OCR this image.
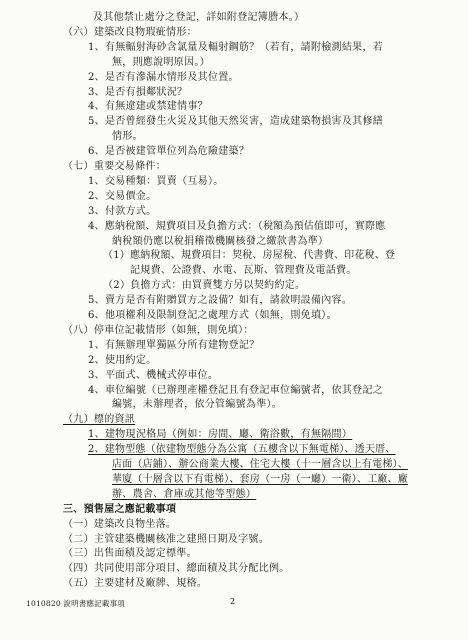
及其他禁止處分之登記，詳如附登記簿謄本。）
（六）建築改良物瑕疵情形：
1、有無輻射海砂含氯量及輻射鋼筋？（若有，請附檢測結果，若
無，則應說明原因。）
2、是否有滲漏水情形及其位置。
3、是否有損鄰狀況？
4、有無違建或禁建情事？
5、是否曾經發生火災及其他天然災害，造成建築物損害及其修繕
情形。
6、是否被建管單位列為危險建築？
（七）重要交易條件：
1、交易種類：買賣（互易）。
2、交易價金。
3、付款方式。
4、應納稅額、規費項目及負擔方式：（稅額為預估值即可，實際應
納稅額仍應以稅捐稽徵機關核發之繳款書為準）
（1）應納稅額、規費項目：契稅、房屋稅、代書費、印花稅、登
記規費、公證費、水電、瓦斯、管理費及電話費。
（2）負擔方式：由買賣雙方另以契約約定。
5、賣方是否有附贈買方之設備？如有，請敘明設備內容。
6、他項權利及限制登記之處理方式（如無，則免填）。
（八）停車位記載情形（如無，則免填）：
1、有無辦理單獨區分所有建物登記？
2、使用約定。
3、平面式、機械式停車位。
4、車位編號（已辦理產權登記且有登記車位編號者，依其登記之
編號，未辦理者，依分管編號為準）。
（九）標的資訊
1、建物現況格局（例如：房間、廳、衛浴數，有無隔間）
2、建物型態（依建物型態分為公寓（五樓含以下無電梯）、透天厝、
店面（店鋪）、辦公商業大樓、住宅大樓（十一層含以上有電梯）、
華廈（十層含以下有電梯）、套房（一房（一廳）一衛）、工廠、廠
辦、農舍、倉庫或其他等型態）
三、預售屋之應記載事項
（一）建築改良物坐落。
（二）主管建築機關核准之建照日期及字號。
（三）出售面積及認定標準。
（四）共同使用部分項目、總面積及其分配比例。
（五）主要建材及廠牌、規格。
1010820 說明書應記載事項	2
